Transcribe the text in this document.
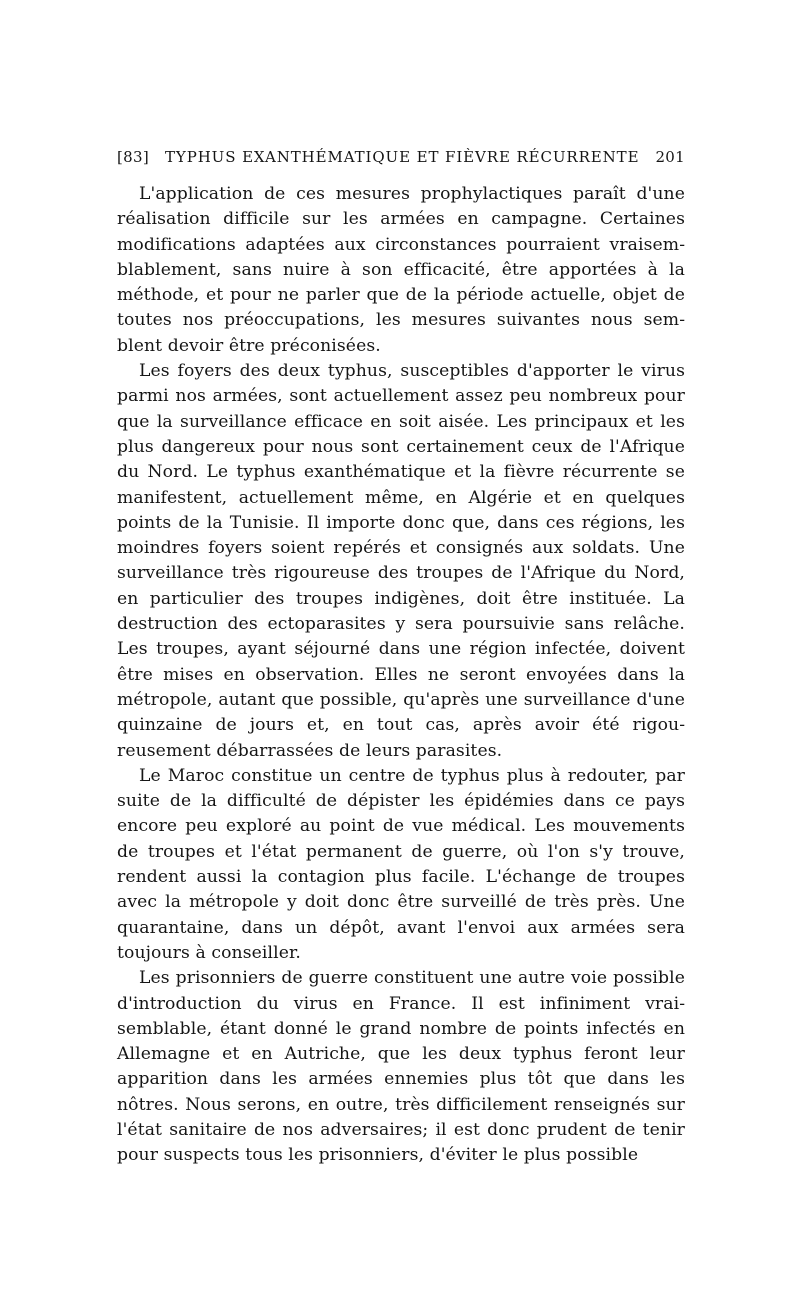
[83] TYPHUS EXANTHÉMATIQUE ET FIÈVRE RÉCURRENTE 201

L'application de ces mesures prophylactiques paraît d'une réalisation difficile sur les armées en campagne. Certaines modifications adaptées aux circonstances pourraient vraisemblablement, sans nuire à son efficacité, être apportées à la méthode, et pour ne parler que de la période actuelle, objet de toutes nos préoccupations, les mesures suivantes nous semblent devoir être préconisées.

Les foyers des deux typhus, susceptibles d'apporter le virus parmi nos armées, sont actuellement assez peu nombreux pour que la surveillance efficace en soit aisée. Les principaux et les plus dangereux pour nous sont certainement ceux de l'Afrique du Nord. Le typhus exanthématique et la fièvre récurrente se manifestent, actuellement même, en Algérie et en quelques points de la Tunisie. Il importe donc que, dans ces régions, les moindres foyers soient repérés et consignés aux soldats. Une surveillance très rigoureuse des troupes de l'Afrique du Nord, en particulier des troupes indigènes, doit être instituée. La destruction des ectoparasites y sera poursuivie sans relâche. Les troupes, ayant séjourné dans une région infectée, doivent être mises en observation. Elles ne seront envoyées dans la métropole, autant que possible, qu'après une surveillance d'une quinzaine de jours et, en tout cas, après avoir été rigoureusement débarrassées de leurs parasites.

Le Maroc constitue un centre de typhus plus à redouter, par suite de la difficulté de dépister les épidémies dans ce pays encore peu exploré au point de vue médical. Les mouvements de troupes et l'état permanent de guerre, où l'on s'y trouve, rendent aussi la contagion plus facile. L'échange de troupes avec la métropole y doit donc être surveillé de très près. Une quarantaine, dans un dépôt, avant l'envoi aux armées sera toujours à conseiller.

Les prisonniers de guerre constituent une autre voie possible d'introduction du virus en France. Il est infiniment vraisemblable, étant donné le grand nombre de points infectés en Allemagne et en Autriche, que les deux typhus feront leur apparition dans les armées ennemies plus tôt que dans les nôtres. Nous serons, en outre, très difficilement renseignés sur l'état sanitaire de nos adversaires; il est donc prudent de tenir pour suspects tous les prisonniers, d'éviter le plus possible
